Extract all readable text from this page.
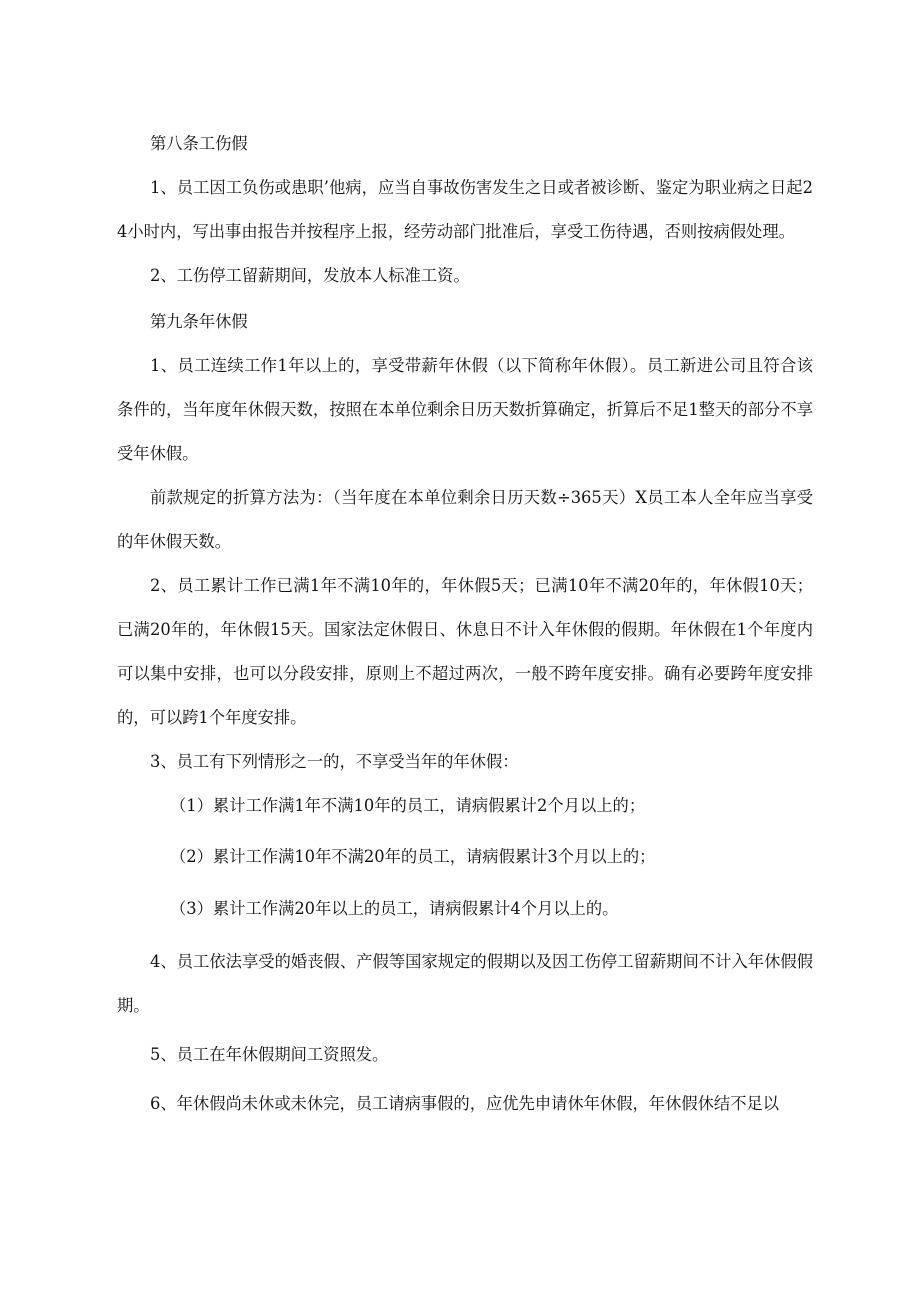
第八条工伤假

1、员工因工负伤或患职’他病，应当自事故伤害发生之日或者被诊断、鉴定为职业病之日起24小时内，写出事由报告并按程序上报，经劳动部门批准后，享受工伤待遇，否则按病假处理。

2、工伤停工留薪期间，发放本人标准工资。

第九条年休假

1、员工连续工作1年以上的，享受带薪年休假（以下简称年休假）。员工新进公司且符合该条件的，当年度年休假天数，按照在本单位剩余日历天数折算确定，折算后不足1整天的部分不享受年休假。

前款规定的折算方法为：（当年度在本单位剩余日历天数÷365天）X员工本人全年应当享受的年休假天数。

2、员工累计工作已满1年不满10年的，年休假5天；已满10年不满20年的，年休假10天；已满20年的，年休假15天。国家法定休假日、休息日不计入年休假的假期。年休假在1个年度内可以集中安排，也可以分段安排，原则上不超过两次，一般不跨年度安排。确有必要跨年度安排的，可以跨1个年度安排。

3、员工有下列情形之一的，不享受当年的年休假：

（1）累计工作满1年不满10年的员工，请病假累计2个月以上的；

（2）累计工作满10年不满20年的员工，请病假累计3个月以上的；

（3）累计工作满20年以上的员工，请病假累计4个月以上的。

4、员工依法享受的婚丧假、产假等国家规定的假期以及因工伤停工留薪期间不计入年休假假期。

5、员工在年休假期间工资照发。

6、年休假尚未休或未休完，员工请病事假的，应优先申请休年休假，年休假休结不足以
